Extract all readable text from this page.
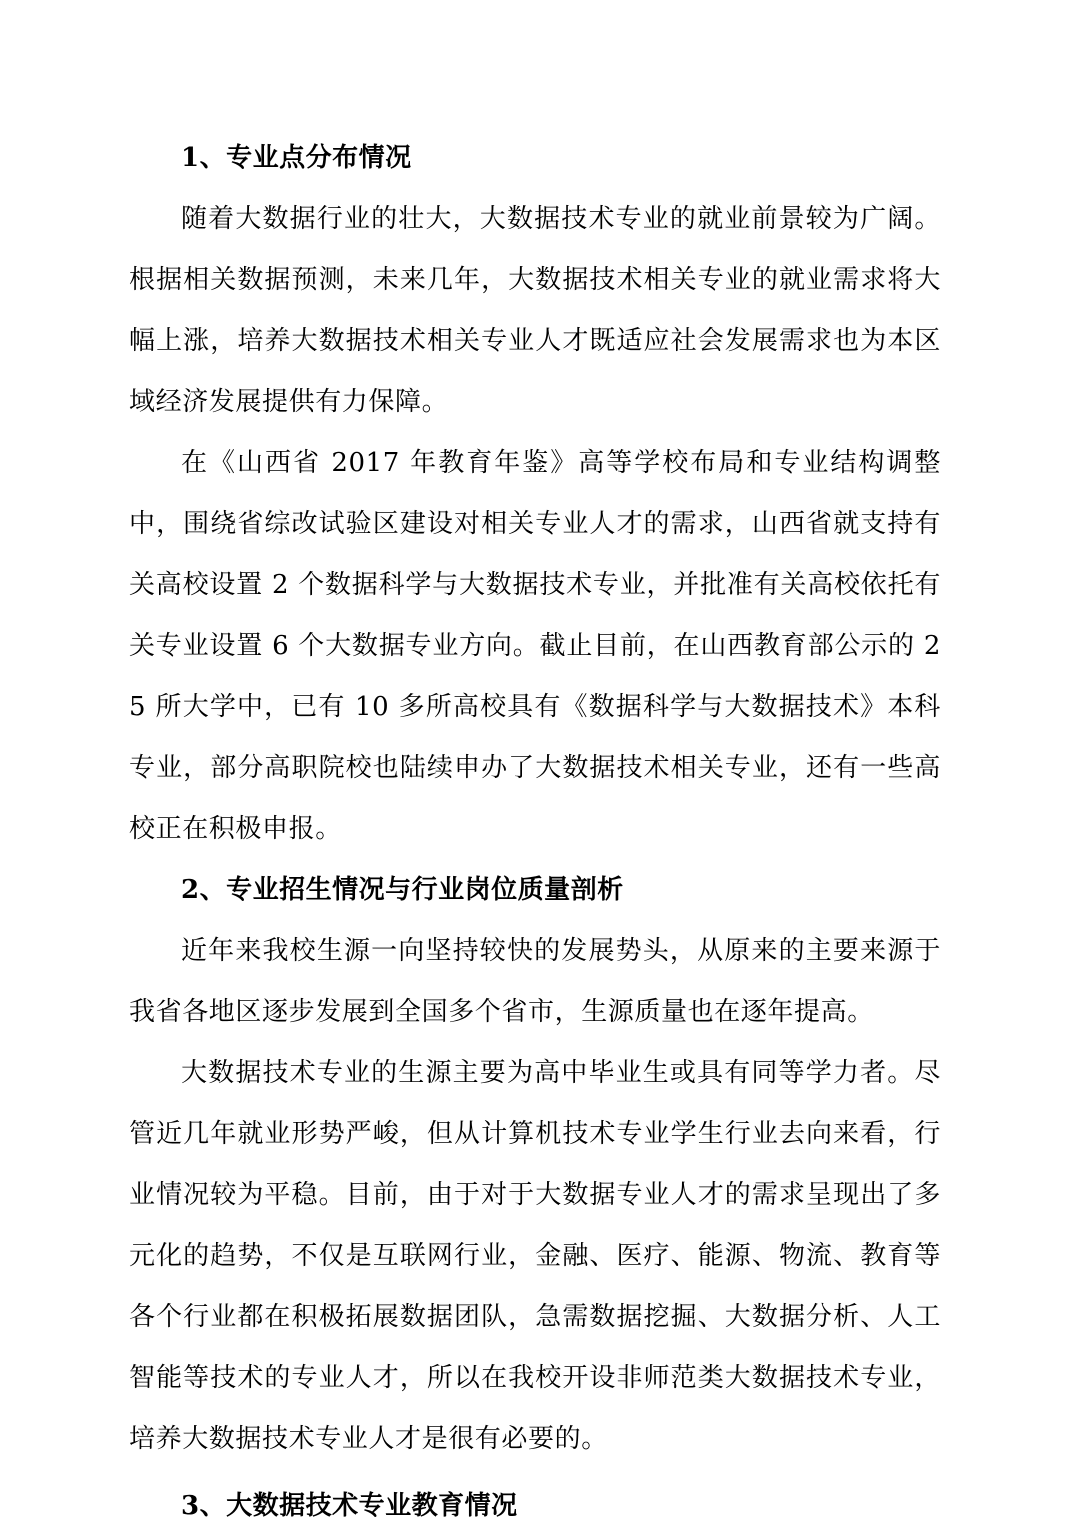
1、专业点分布情况

随着大数据行业的壮大，大数据技术专业的就业前景较为广阔。根据相关数据预测，未来几年，大数据技术相关专业的就业需求将大幅上涨，培养大数据技术相关专业人才既适应社会发展需求也为本区域经济发展提供有力保障。

在《山西省 2017 年教育年鉴》高等学校布局和专业结构调整中，围绕省综改试验区建设对相关专业人才的需求，山西省就支持有关高校设置 2 个数据科学与大数据技术专业，并批准有关高校依托有关专业设置 6 个大数据专业方向。截止目前，在山西教育部公示的 25 所大学中，已有 10 多所高校具有《数据科学与大数据技术》本科专业，部分高职院校也陆续申办了大数据技术相关专业，还有一些高校正在积极申报。

2、专业招生情况与行业岗位质量剖析

近年来我校生源一向坚持较快的发展势头，从原来的主要来源于我省各地区逐步发展到全国多个省市，生源质量也在逐年提高。

大数据技术专业的生源主要为高中毕业生或具有同等学力者。尽管近几年就业形势严峻，但从计算机技术专业学生行业去向来看，行业情况较为平稳。目前，由于对于大数据专业人才的需求呈现出了多元化的趋势，不仅是互联网行业，金融、医疗、能源、物流、教育等各个行业都在积极拓展数据团队，急需数据挖掘、大数据分析、人工智能等技术的专业人才，所以在我校开设非师范类大数据技术专业，培养大数据技术专业人才是很有必要的。

3、大数据技术专业教育情况
